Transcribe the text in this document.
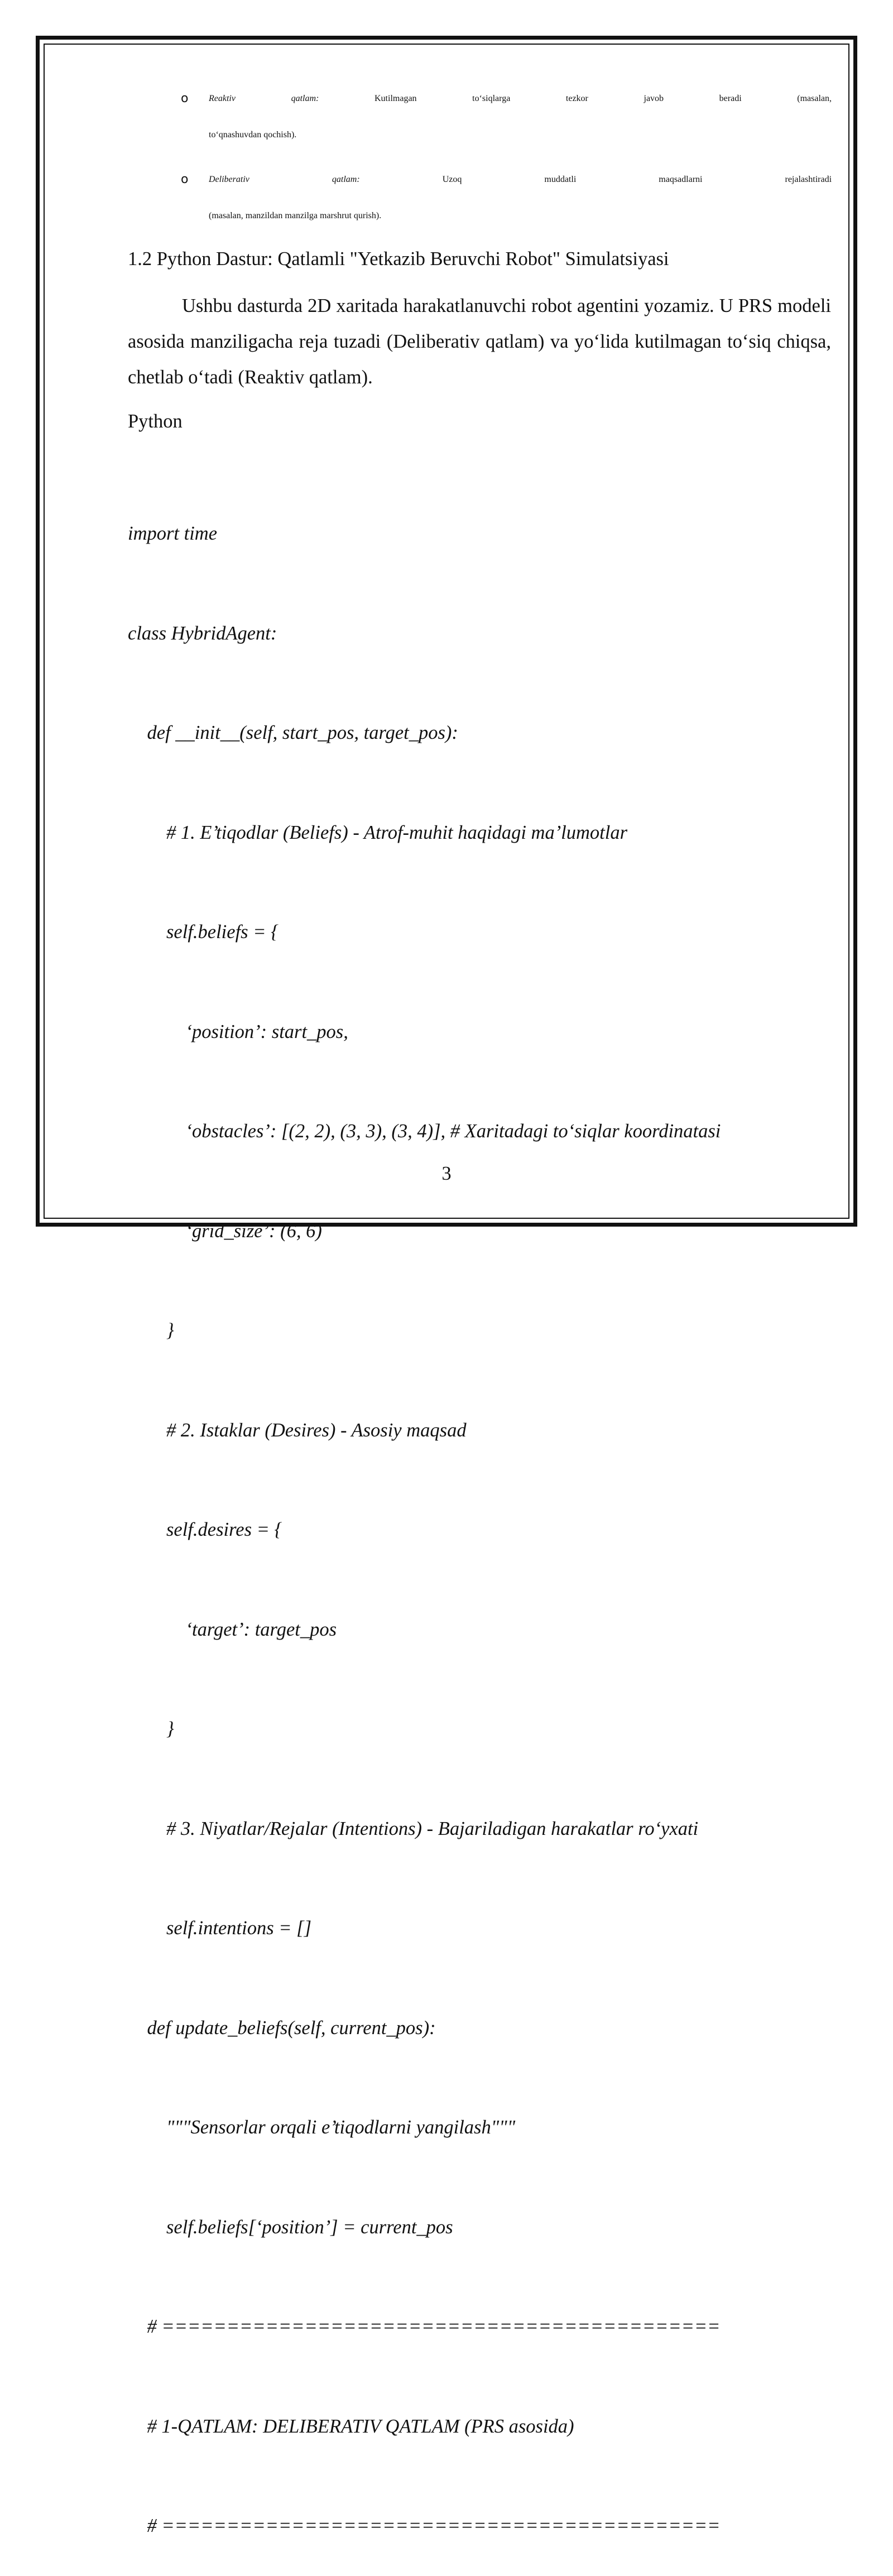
o Reaktiv qatlam:	Kutilmagan to‘siqlarga tezkor javob beradi (masalan,
to‘qnashuvdan qochish).
o Deliberativ qatlam:	Uzoq muddatli maqsadlarni rejalashtiradi
(masalan, manzildan manzilga marshrut qurish).
1.2 Python Dastur: Qatlamli "Yetkazib Beruvchi Robot" Simulatsiyasi
Ushbu dasturda 2D xaritada harakatlanuvchi robot agentini yozamiz. U PRS modeli asosida manziligacha reja tuzadi (Deliberativ qatlam) va yo‘lida kutilmagan to‘siq chiqsa, chetlab o‘tadi (Reaktiv qatlam).
Python

import time

class HybridAgent:

def __init__(self, start_pos, target_pos):

# 1. E’tiqodlar (Beliefs) - Atrof-muhit haqidagi ma’lumotlar

self.beliefs = {

‘position’: start_pos,

‘obstacles’: [(2, 2), (3, 3), (3, 4)], # Xaritadagi to‘siqlar koordinatasi

‘grid_size’: (6, 6)

}

# 2. Istaklar (Desires) - Asosiy maqsad

self.desires = {

‘target’: target_pos

}

# 3. Niyatlar/Rejalar (Intentions) - Bajariladigan harakatlar ro‘yxati

self.intentions = []

def update_beliefs(self, current_pos):

"""Sensorlar orqali e’tiqodlarni yangilash"""

self.beliefs[‘position’] = current_pos

# ===========================================

# 1-QATLAM: DELIBERATIV QATLAM (PRS asosida)

# ===========================================

3
